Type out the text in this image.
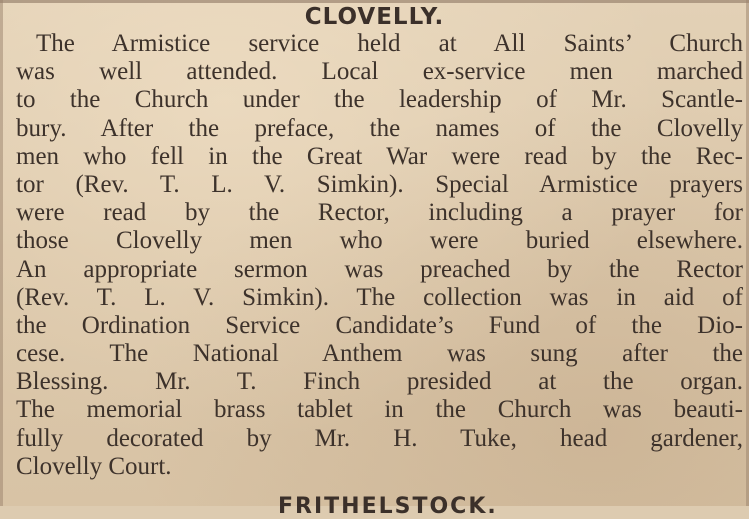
CLOVELLY.
The Armistice service held at All Saints’ Church
was well attended. Local ex-service men marched
to the Church under the leadership of Mr. Scantle-
bury. After the preface, the names of the Clovelly
men who fell in the Great War were read by the Rec-
tor (Rev. T. L. V. Simkin). Special Armistice prayers
were read by the Rector, including a prayer for
those Clovelly men who were buried elsewhere.
An appropriate sermon was preached by the Rector
(Rev. T. L. V. Simkin). The collection was in aid of
the Ordination Service Candidate’s Fund of the Dio-
cese. The National Anthem was sung after the
Blessing. Mr. T. Finch presided at the organ.
The memorial brass tablet in the Church was beauti-
fully decorated by Mr. H. Tuke, head gardener,
Clovelly Court.
FRITHELSTOCK.
